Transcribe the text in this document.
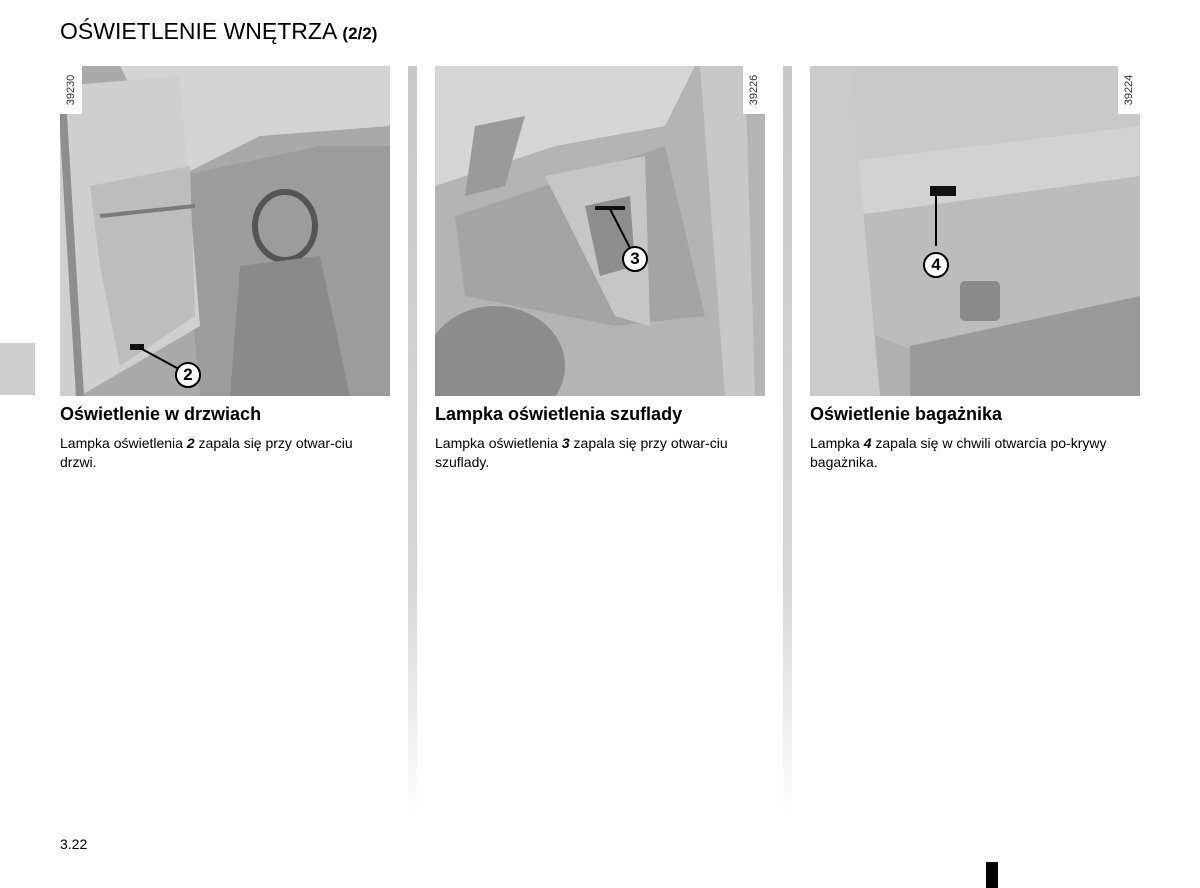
OŚWIETLENIE WNĘTRZA (2/2)
39230
2
Oświetlenie w drzwiach

Lampka oświetlenia 2 zapala się przy otwar-ciu drzwi.

39226
3
Lampka oświetlenia szuflady

Lampka oświetlenia 3 zapala się przy otwar-ciu szuflady.

39224
4
Oświetlenie bagażnika

Lampka 4 zapala się w chwili otwarcia po-krywy bagażnika.

3.22
